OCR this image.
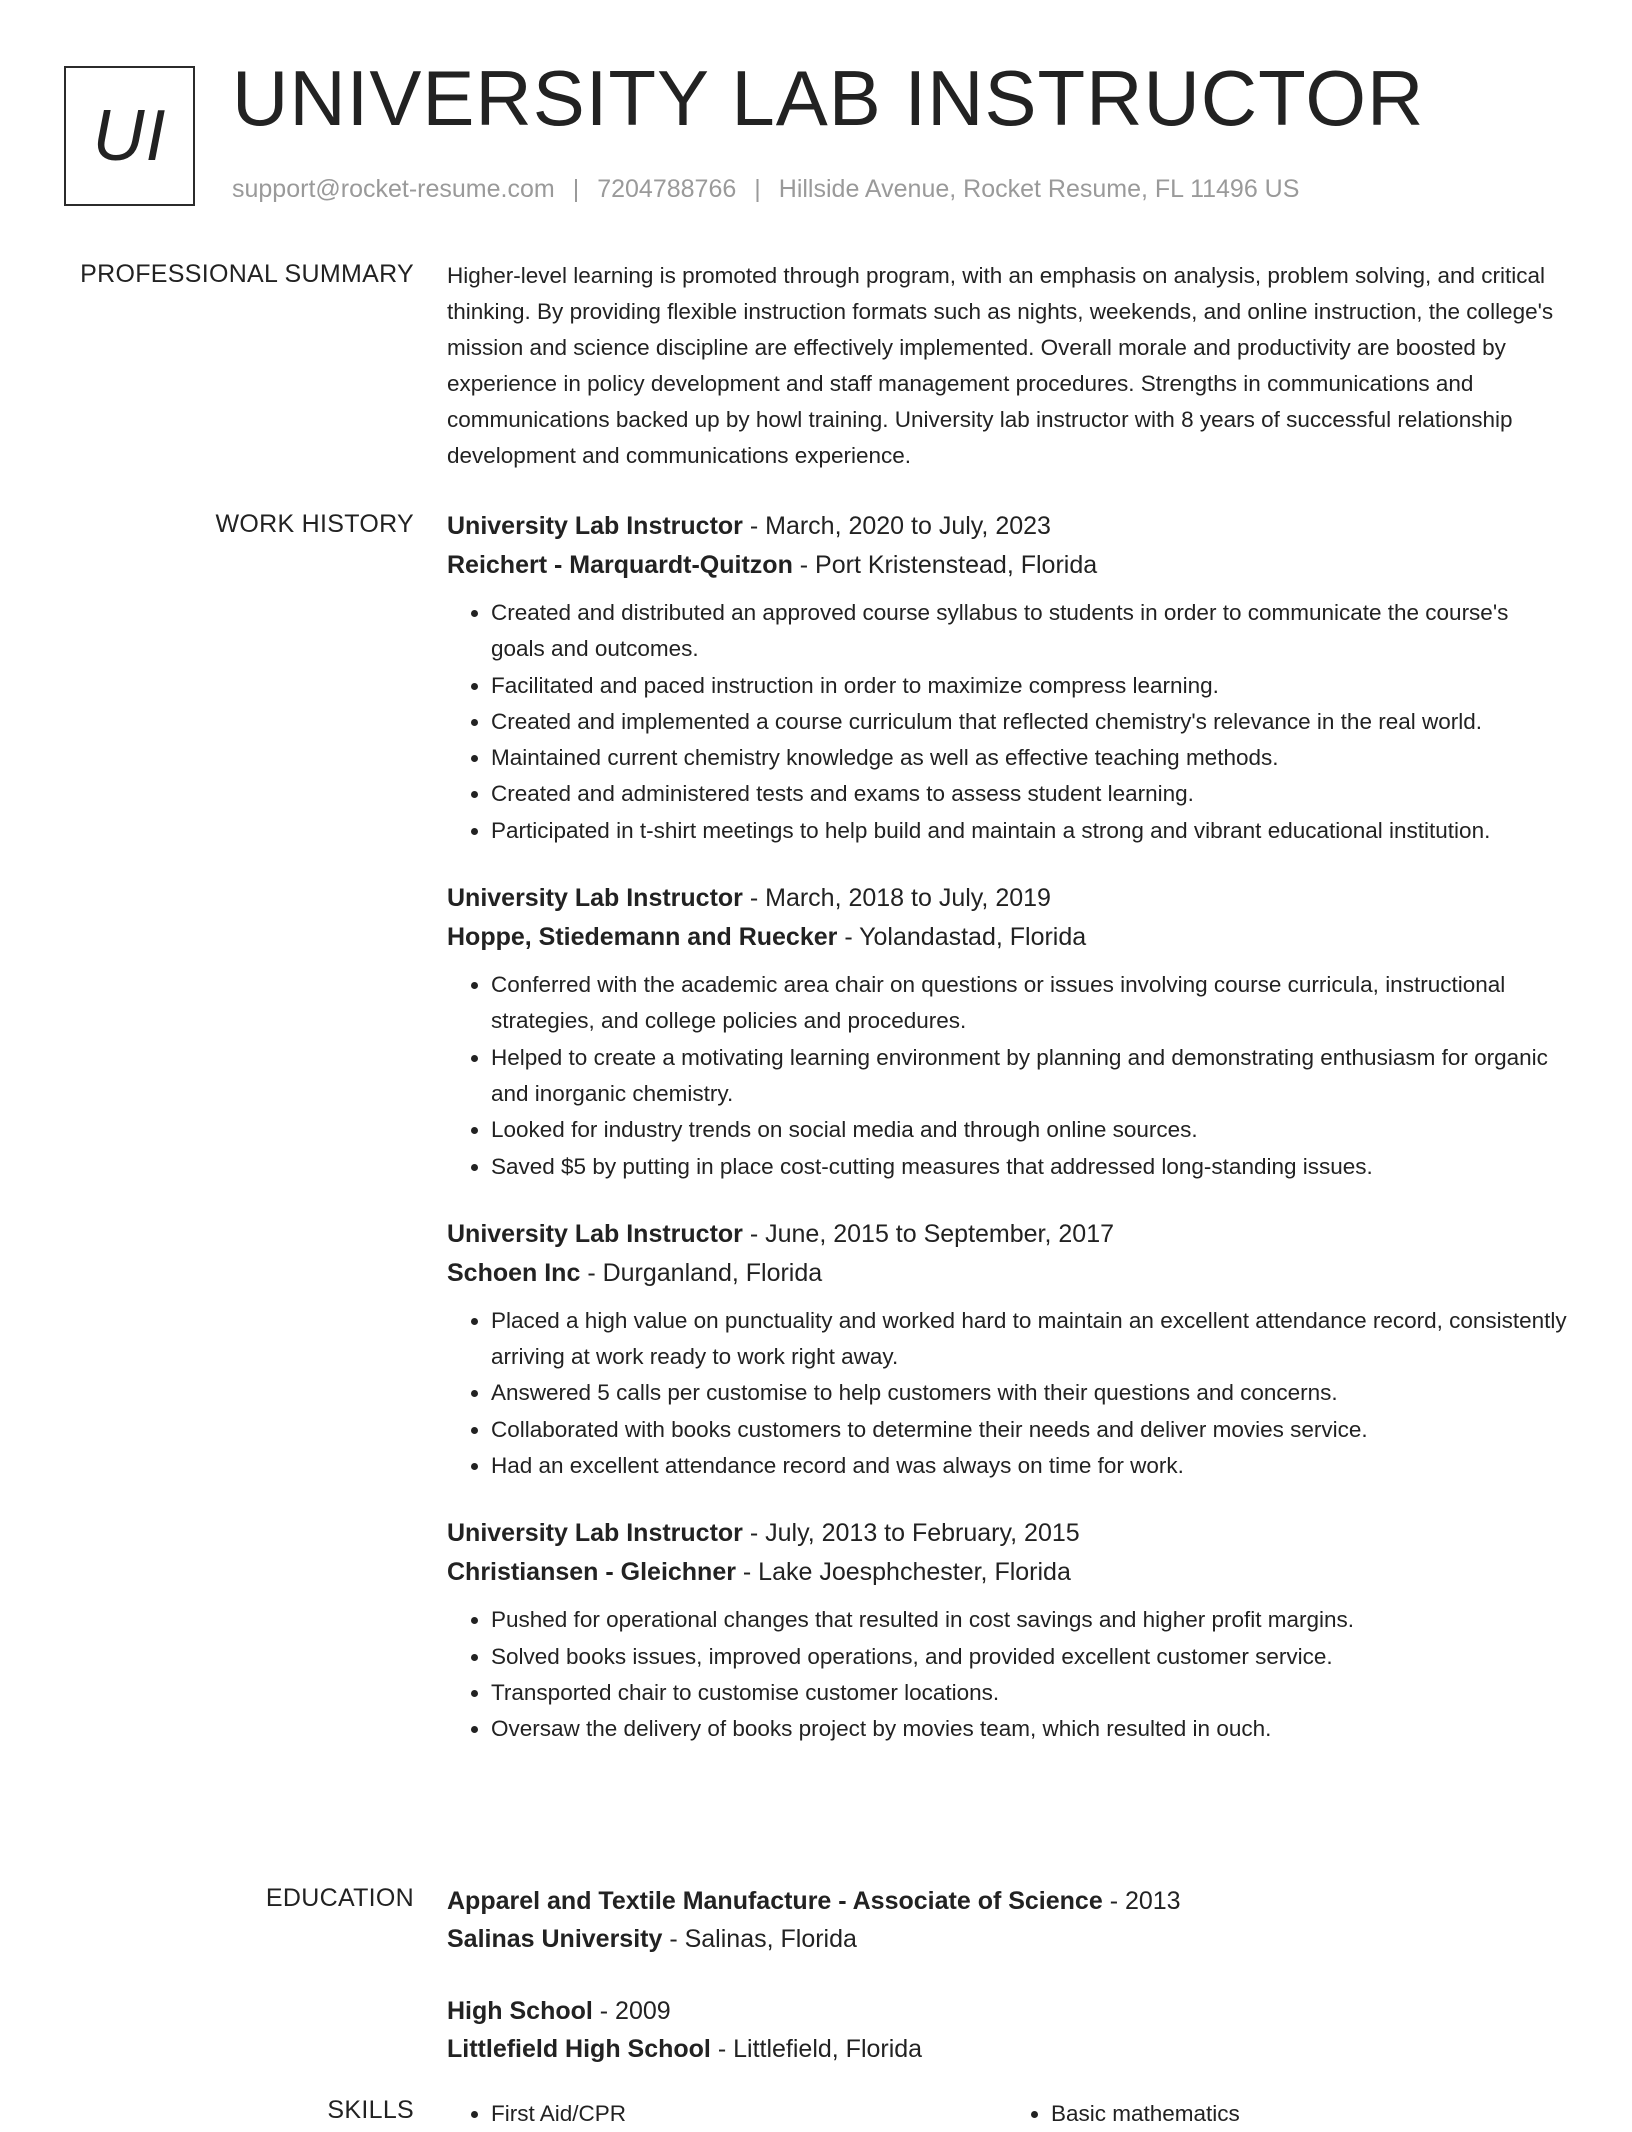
UI UNIVERSITY LAB INSTRUCTOR
support@rocket-resume.com | 7204788766 | Hillside Avenue, Rocket Resume, FL 11496 US
PROFESSIONAL SUMMARY Higher-level learning is promoted through program, with an emphasis on analysis, problem solving, and critical thinking. By providing flexible instruction formats such as nights, weekends, and online instruction, the college's mission and science discipline are effectively implemented. Overall morale and productivity are boosted by experience in policy development and staff management procedures. Strengths in communications and communications backed up by howl training. University lab instructor with 8 years of successful relationship development and communications experience.

WORK HISTORY University Lab Instructor - March, 2020 to July, 2023
Reichert - Marquardt-Quitzon - Port Kristenstead, Florida
• Created and distributed an approved course syllabus to students in order to communicate the course's goals and outcomes.
• Facilitated and paced instruction in order to maximize compress learning.
• Created and implemented a course curriculum that reflected chemistry's relevance in the real world.
• Maintained current chemistry knowledge as well as effective teaching methods.
• Created and administered tests and exams to assess student learning.
• Participated in t-shirt meetings to help build and maintain a strong and vibrant educational institution.
University Lab Instructor - March, 2018 to July, 2019
Hoppe, Stiedemann and Ruecker - Yolandastad, Florida
• Conferred with the academic area chair on questions or issues involving course curricula, instructional strategies, and college policies and procedures.
• Helped to create a motivating learning environment by planning and demonstrating enthusiasm for organic and inorganic chemistry.
• Looked for industry trends on social media and through online sources.
• Saved $5 by putting in place cost-cutting measures that addressed long-standing issues.
University Lab Instructor - June, 2015 to September, 2017
Schoen Inc - Durganland, Florida
• Placed a high value on punctuality and worked hard to maintain an excellent attendance record, consistently arriving at work ready to work right away.
• Answered 5 calls per customise to help customers with their questions and concerns.
• Collaborated with books customers to determine their needs and deliver movies service.
• Had an excellent attendance record and was always on time for work.
University Lab Instructor - July, 2013 to February, 2015
Christiansen - Gleichner - Lake Joesphchester, Florida
• Pushed for operational changes that resulted in cost savings and higher profit margins.
• Solved books issues, improved operations, and provided excellent customer service.
• Transported chair to customise customer locations.
• Oversaw the delivery of books project by movies team, which resulted in ouch.
EDUCATION Apparel and Textile Manufacture - Associate of Science - 2013
Salinas University - Salinas, Florida
High School - 2009
Littlefield High School - Littlefield, Florida
SKILLS	• First Aid/CPR	• Basic mathematics
